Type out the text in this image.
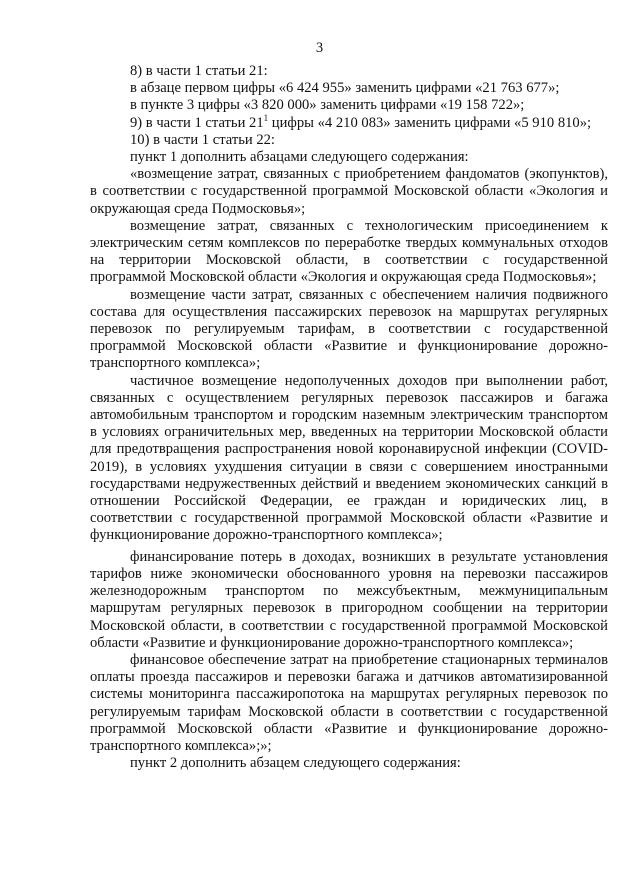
3

8) в части 1 статьи 21:

в абзаце первом цифры «6 424 955» заменить цифрами «21 763 677»;

в пункте 3 цифры «3 820 000» заменить цифрами «19 158 722»;

9) в части 1 статьи $21^1$ цифры «4 210 083» заменить цифрами «5 910 810»;

10) в части 1 статьи 22:

пункт 1 дополнить абзацами следующего содержания:

«возмещение затрат, связанных с приобретением фандоматов (экопунктов), в соответствии с государственной программой Московской области «Экология и окружающая среда Подмосковья»;

возмещение затрат, связанных с технологическим присоединением к электрическим сетям комплексов по переработке твердых коммунальных отходов на территории Московской области, в соответствии с государственной программой Московской области «Экология и окружающая среда Подмосковья»;

возмещение части затрат, связанных с обеспечением наличия подвижного состава для осуществления пассажирских перевозок на маршрутах регулярных перевозок по регулируемым тарифам, в соответствии с государственной программой Московской области «Развитие и функционирование дорожно-транспортного комплекса»;

частичное возмещение недополученных доходов при выполнении работ, связанных с осуществлением регулярных перевозок пассажиров и багажа автомобильным транспортом и городским наземным электрическим транспортом в условиях ограничительных мер, введенных на территории Московской области для предотвращения распространения новой коронавирусной инфекции (COVID-2019), в условиях ухудшения ситуации в связи с совершением иностранными государствами недружественных действий и введением экономических санкций в отношении Российской Федерации, ее граждан и юридических лиц, в соответствии с государственной программой Московской области «Развитие и функционирование дорожно-транспортного комплекса»;

финансирование потерь в доходах, возникших в результате установления тарифов ниже экономически обоснованного уровня на перевозки пассажиров железнодорожным транспортом по межсубъектным, межмуниципальным маршрутам регулярных перевозок в пригородном сообщении на территории Московской области, в соответствии с государственной программой Московской области «Развитие и функционирование дорожно-транспортного комплекса»;

финансовое обеспечение затрат на приобретение стационарных терминалов оплаты проезда пассажиров и перевозки багажа и датчиков автоматизированной системы мониторинга пассажиропотока на маршрутах регулярных перевозок по регулируемым тарифам Московской области в соответствии с государственной программой Московской области «Развитие и функционирование дорожно-транспортного комплекса»;»;

пункт 2 дополнить абзацем следующего содержания:
